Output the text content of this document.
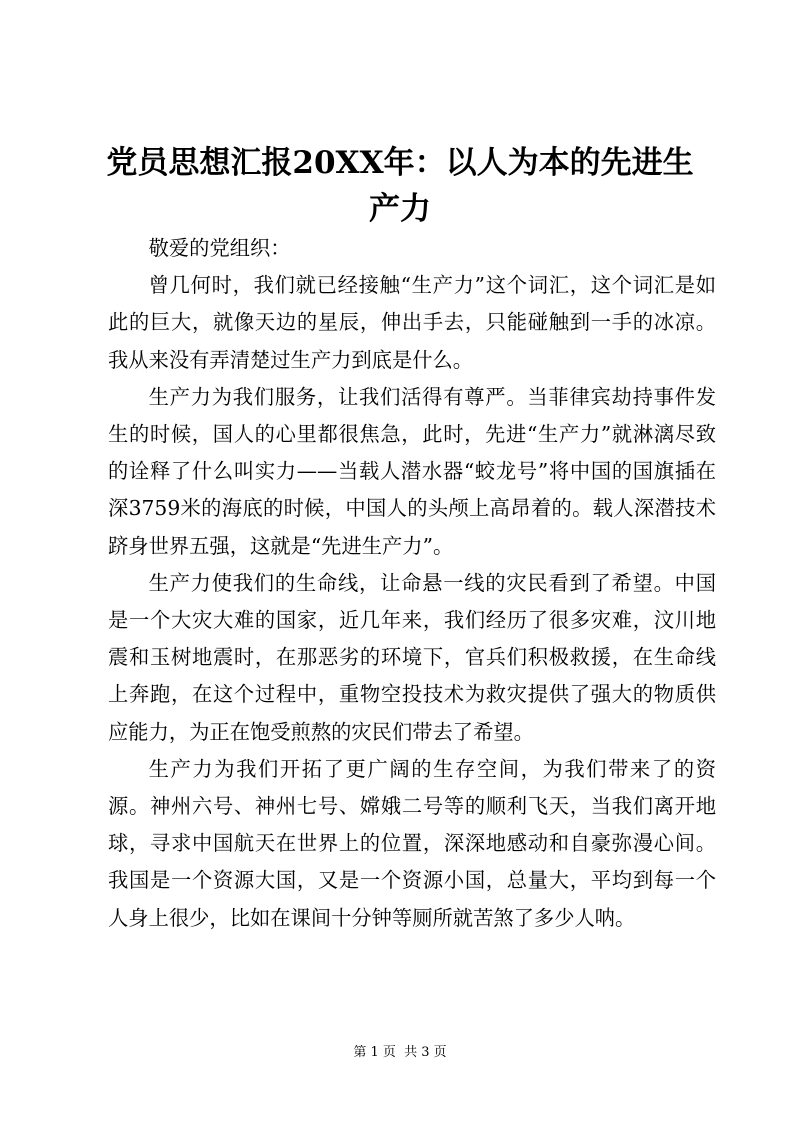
党员思想汇报20XX年：以人为本的先进生产力

敬爱的党组织：

曾几何时，我们就已经接触“生产力”这个词汇，这个词汇是如此的巨大，就像天边的星辰，伸出手去，只能碰触到一手的冰凉。我从来没有弄清楚过生产力到底是什么。

生产力为我们服务，让我们活得有尊严。当菲律宾劫持事件发生的时候，国人的心里都很焦急，此时，先进“生产力”就淋漓尽致的诠释了什么叫实力——当载人潜水器“蛟龙号”将中国的国旗插在深3759米的海底的时候，中国人的头颅上高昂着的。载人深潜技术跻身世界五强，这就是“先进生产力”。

生产力使我们的生命线，让命悬一线的灾民看到了希望。中国是一个大灾大难的国家，近几年来，我们经历了很多灾难，汶川地震和玉树地震时，在那恶劣的环境下，官兵们积极救援，在生命线上奔跑，在这个过程中，重物空投技术为救灾提供了强大的物质供应能力，为正在饱受煎熬的灾民们带去了希望。

生产力为我们开拓了更广阔的生存空间，为我们带来了的资源。神州六号、神州七号、嫦娥二号等的顺利飞天，当我们离开地球，寻求中国航天在世界上的位置，深深地感动和自豪弥漫心间。我国是一个资源大国，又是一个资源小国，总量大，平均到每一个人身上很少，比如在课间十分钟等厕所就苦煞了多少人呐。

第 1 页 共 3 页
